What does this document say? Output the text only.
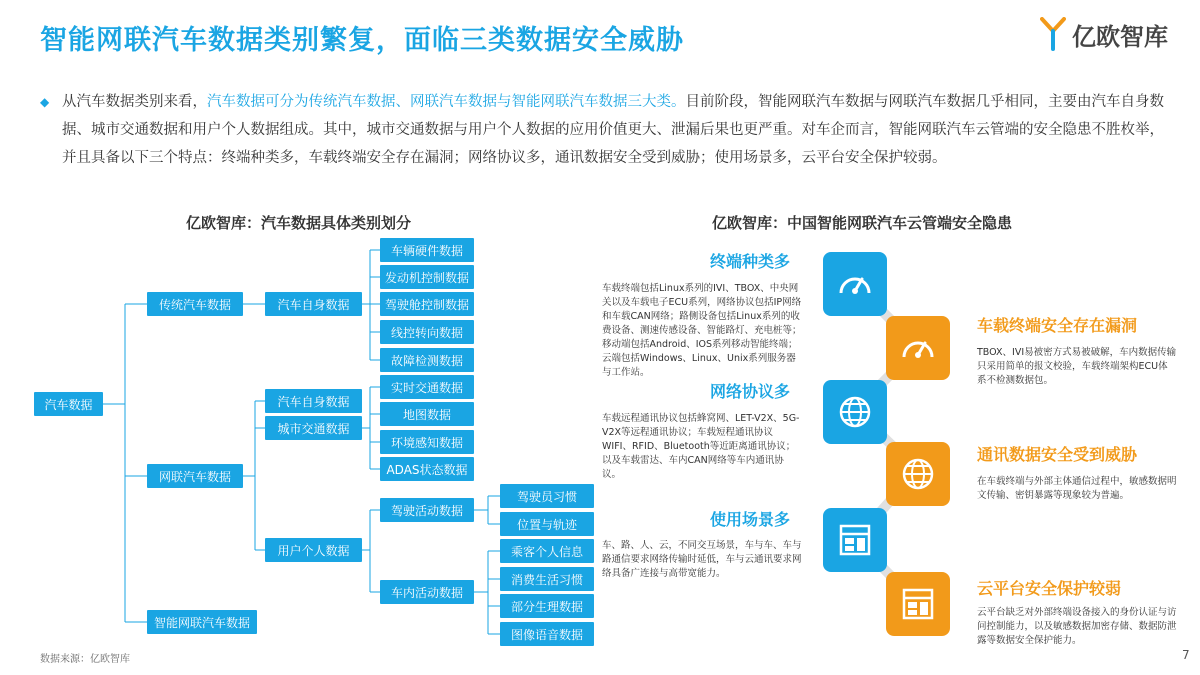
智能网联汽车数据类别繁复，面临三类数据安全威胁	亿欧智库
◆ 从汽车数据类别来看，汽车数据可分为传统汽车数据、网联汽车数据与智能网联汽车数据三大类。目前阶段，智能网联汽车数据与网联汽车数据几乎相同，主要由汽车自身数据、城市交通数据和用户个人数据组成。其中，城市交通数据与用户个人数据的应用价值更大、泄漏后果也更严重。对车企而言，智能网联汽车云管端的安全隐患不胜枚举，并且具备以下三个特点：终端种类多，车载终端安全存在漏洞；网络协议多，通讯数据安全受到威胁；使用场景多，云平台安全保护较弱。

亿欧智库：汽车数据具体类别划分	亿欧智库：中国智能网联汽车云管端安全隐患
汽车数据
传统汽车数据
网联汽车数据
智能网联汽车数据
汽车自身数据
汽车自身数据
城市交通数据
用户个人数据
车辆硬件数据
发动机控制数据
驾驶舱控制数据
线控转向数据
故障检测数据
实时交通数据
地图数据
环境感知数据
ADAS状态数据
驾驶活动数据
车内活动数据
驾驶员习惯
位置与轨迹
乘客个人信息
消费生活习惯
部分生理数据
图像语音数据
终端种类多
车载终端包括Linux系列的IVI、TBOX、中央网关以及车载电子ECU系列，网络协议包括IP网络和车载CAN网络；路侧设备包括Linux系列的收费设备、测速传感设备、智能路灯、充电桩等；移动端包括Android、IOS系列移动智能终端；云端包括Windows、Linux、Unix系列服务器与工作站。
网络协议多
车载远程通讯协议包括蜂窝网、LET-V2X、5G-V2X等远程通讯协议；车载短程通讯协议WIFI、RFID、Bluetooth等近距离通讯协议；以及车载雷达、车内CAN网络等车内通讯协议。
使用场景多
车、路、人、云，不同交互场景，车与车、车与路通信要求网络传输时延低，车与云通讯要求网络具备广连接与高带宽能力。
车载终端安全存在漏洞
TBOX、IVI易被密方式易被破解，车内数据传输只采用简单的报文校验，车载终端架构ECU体系不检测数据包。
通讯数据安全受到威胁
在车载终端与外部主体通信过程中，敏感数据明文传输、密钥暴露等现象较为普遍。
云平台安全保护较弱
云平台缺乏对外部终端设备接入的身份认证与访问控制能力，以及敏感数据加密存储、数据防泄露等数据安全保护能力。
数据来源：亿欧智库	7
